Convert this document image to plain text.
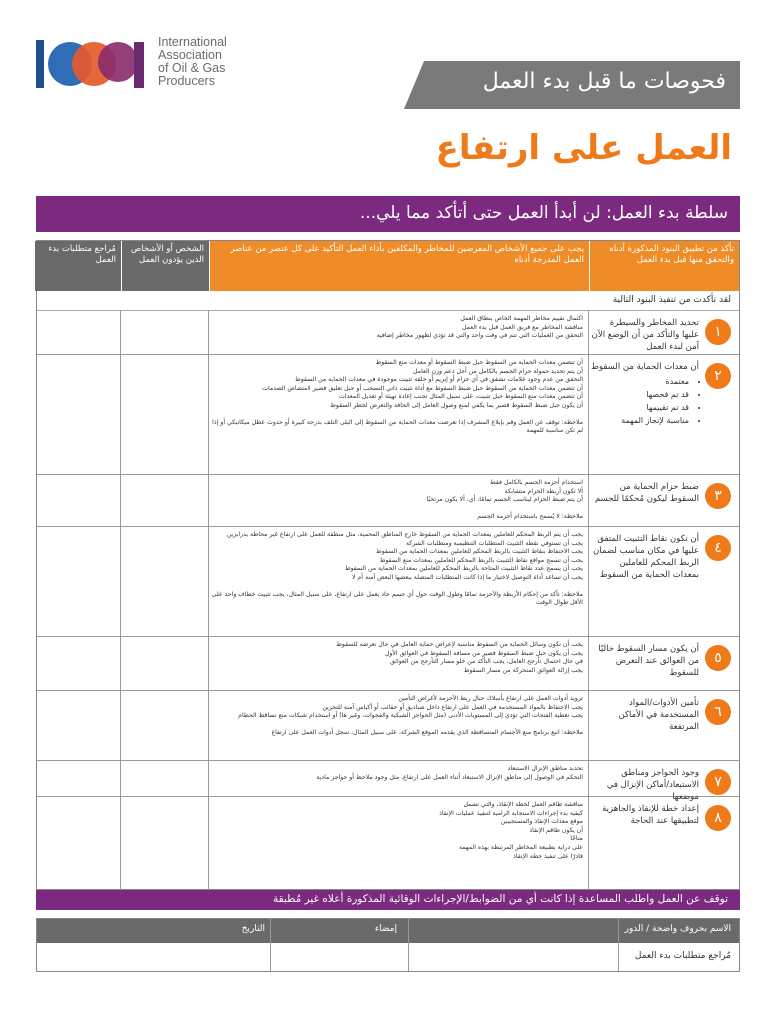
International
Association
of Oil & Gas
Producers	فحوصات ما قبل بدء العمل
العمل على ارتفاع
سلطة بدء العمل: لن أبدأ العمل حتى أتأكد مما يلي...
تأكد من تطبيق البنود المذكورة أدناه والتحقق منها قبل بدء العمل
يجب على جميع الأشخاص المعرضين للمخاطر والمكلفين بأداء العمل التأكيد على كل عنصر من عناصر العمل المدرجة أدناه
الشخص أو الأشخاص الذين يؤدون العمل
مُراجع متطلبات بدء العمل
لقد تأكدت من تنفيذ البنود التالية
١
تحديد المخاطر والسيطرة عليها والتأكد من أن الوضع الآن آمن لبدء العمل

اكتمال تقييم مخاطر المهمة الخاص بنطاق العمل

مناقشة المخاطر مع فريق العمل قبل بدء العمل

التحقق من العمليات التي تتم في وقت واحد والتي قد تؤدي لظهور مخاطر إضافية

٢
أن معدات الحماية من السقوط
• معتمدة
• قد تم فحصها
• قد تم تقييمها
• مناسبة لإنجاز المهمة

أن تتضمن معدات الحماية من السقوط حبل ضبط السقوط أو معدات منع السقوط

أن يتم تحديد حمولة حزام الجسم بالكامل من أجل دعم وزن العامل

التحقق من عدم وجود علامات تشقق في أي حزام أو إبزيم أو حلقة تثبيت موجودة في معدات الحماية من السقوط

أن تتضمن معدات الحماية من السقوط حبل ضبط السقوط مع أداة تثبيت ذاتي التسحب أو حبل تعليق قصير لامتصاص الصدمات

أن تتضمن معدات منع السقوط حبل تثبيت، على سبيل المثال تجنب إعادة تهيئة أو تعديل المعدات

أن يكون حبل ضبط السقوط قصير بما يكفي لمنع وصول العامل إلى الحافة والتعرض لخطر السقوط

ملاحظة: توقف عن العمل وقم بإبلاغ المشرف إذا تعرضت معدات الحماية من السقوط إلى البلى التلف بدرجة كبيرة أو حدوث عطل ميكانيكي أو إذا لم تكن مناسبة للمهمة

٣
ضبط حزام الحماية من السقوط ليكون مُحكمًا للجسم

استخدام أحزمة الجسم بالكامل فقط

ألا تكون أربطة الحزام متشابكة

أن يتم ضبط الحزام ليناسب الجسم تمامًا، أي، ألا يكون مرتخيًا

ملاحظة: لا يُسمح باستخدام أحزمة الجسم

٤
أن تكون نقاط التثبيت المتفق عليها في مكان مناسب لضمان الربط المحكم للعاملين بمعدات الحماية من السقوط

يجب أن يتم الربط المحكم للعاملين بمعدات الحماية من السقوط خارج المناطق المحمية، مثل منطقة للعمل على ارتفاع غير محاطة بدرابزين

يجب أن تستوفي نقطة التثبيت المتطلبات التنظيمية ومتطلبات الشركة

يجب الاحتفاظ بنقاط التثبيت بالربط المحكم للعاملين بمعدات الحماية من السقوط

يجب أن تسمح مواقع نقاط التثبيت بالربط المحكم للعاملين بمعدات منع السقوط

يجب أن يسمح عدد نقاط التثبيت المتاحة بالربط المحكم للعاملين بمعدات الحماية من السقوط

يجب أن تساعد أداة التوصيل لاختيار ما إذا كانت المتطلبات المتصلة ببعضها البعض آمنة أم لا

ملاحظة: تأكد من إحكام الأربطة والأحزمة تمامًا وطول الوقت حول أي جسم حاد يعمل على ارتفاع، على سبيل المثال، يجب تثبيت خطاف واحد على الأقل طوال الوقت

٥
أن يكون مسار السقوط خاليًا من العوائق عند التعرض للسقوط

يجب أن تكون وسائل الحماية من السقوط مناسبة لإعراض حماية العامل في حال تعرضه للسقوط

يجب أن يكون حبل ضبط السقوط قصير من مسافة السقوط في العوائق الأول

في حال احتمال تأرجح العامل، يجب التأكد من خلو مسار التأرجح من العوائق

يجب إزالة العوائق المتحركة من مسار السقوط

٦
تأمين الأدوات/المواد المستخدمة في الأماكن المرتفعة

تزويد أدوات العمل على ارتفاع بأسلاك حبال ربط الأحزمة لأغراض التأمين

يجب الاحتفاظ بالمواد المستخدمة في العمل على ارتفاع داخل صناديق أو حقائب أو أكياس آمنة للتخزين

يجب تغطية الفتحات التي تؤدي إلى المستويات الأدنى (مثل الحواجز الشبكية والفجوات، وغير ها) أو استخدام شبكات منع تساقط الحطام

ملاحظة: اتبع برنامج منع الأجسام المتساقطة الذي يقدمه الموقع الشركة، على سبيل المثال، سجل أدوات العمل على ارتفاع

٧
وجود الحواجز ومناطق الاستبعاد/أماكن الإنزال في موضعها

تحديد مناطق الإنزال الاستبعاد

التحكم في الوصول إلى مناطق الإنزال الاستبعاد أثناء العمل على ارتفاع، مثل وجود ملاحظ أو حواجز مادية

٨
إعداد خطة للإنقاذ والجاهزية لتطبيقها عند الحاجة

مناقشة طاقم العمل لخطة الإنقاذ، والتي تشمل

كيفية بدء إجراءات الاستجابة الرامية لتنفيذ عمليات الإنقاذ

موقع معدات الإنقاذ والمستجيبين

أن يكون طاقم الإنقاذ

متاحًا

على دراية بطبيعة المخاطر المرتبطة بهذه المهمة

قادرًا على تنفيذ خطة الإنقاذ

توقف عن العمل واطلب المساعدة إذا كانت أي من الضوابط/الإجراءات الوقائية المذكورة أعلاه غير مُطبقة
الاسم بحروف واضحة / الدور
إمضاء
التاريخ
مُراجع متطلبات بدء العمل
